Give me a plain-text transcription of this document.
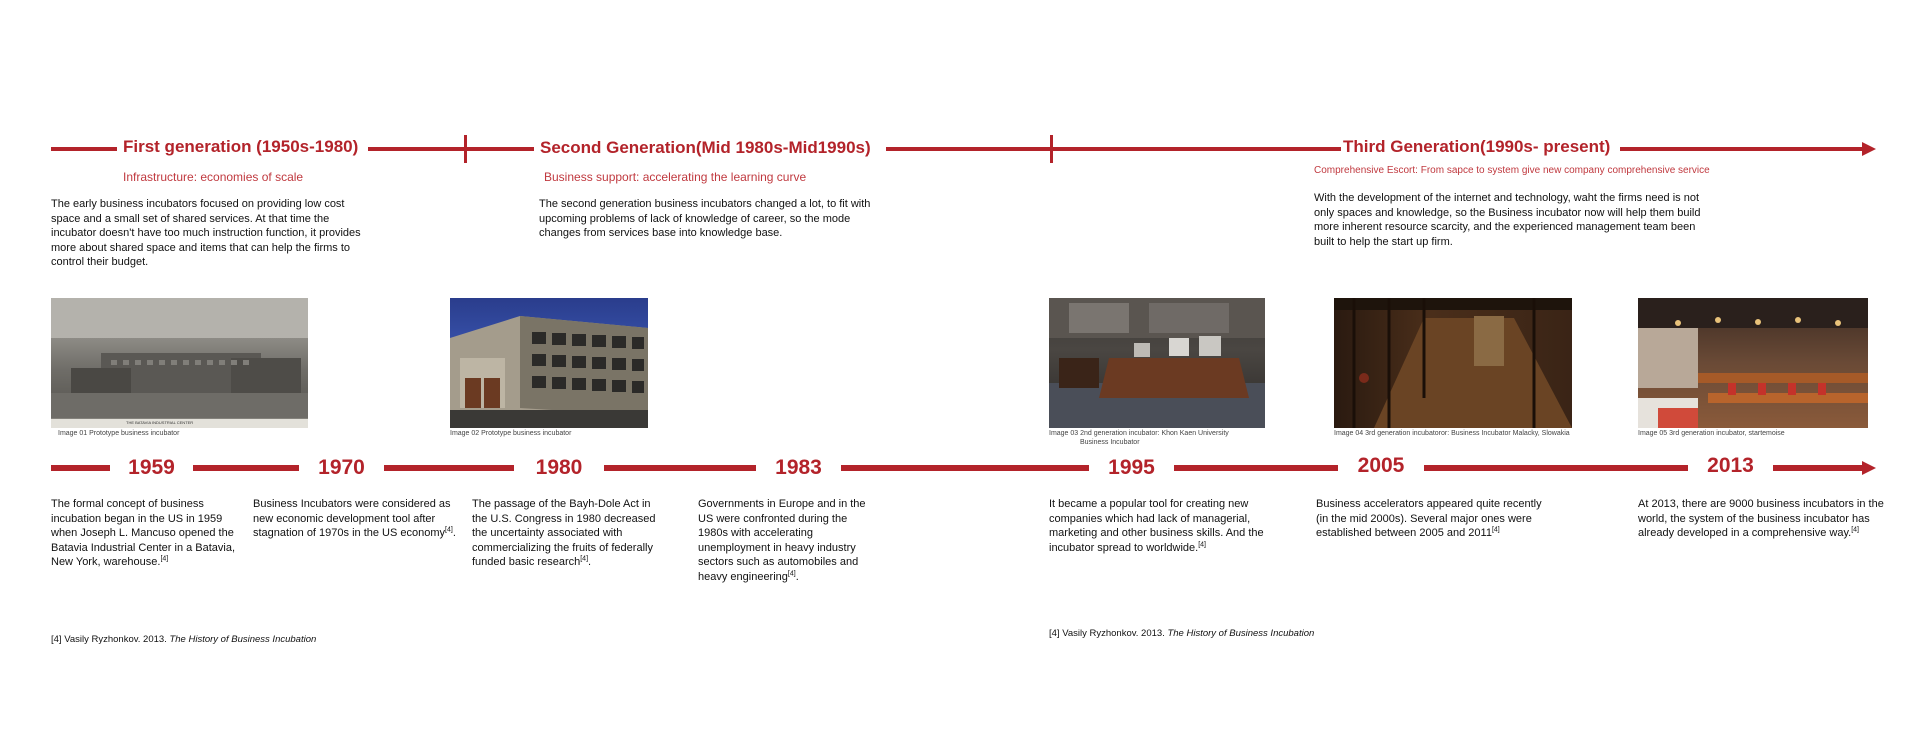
First generation (1950s-1980)	Second Generation(Mid 1980s-Mid1990s)	Third Generation(1990s- present)
Infrastructure: economies of scale	Business support: accelerating the learning curve	Comprehensive Escort: From sapce to system give new company comprehensive service
The early business incubators focused on providing low cost space and a small set of shared services. At that time the incubator doesn't have too much instruction function, it provides more about shared space and items that can help the firms to control their budget.
The second generation business incubators changed a lot, to fit with upcoming problems of lack of knowledge of career, so the mode changes from services base into knowledge base.
With the development of the internet and technology, waht the firms need is not only spaces and knowledge, so the Business incubator now will help them build more inherent resource scarcity, and the experienced management team been built to help the start up firm.
THE BATAVIA INDUSTRIAL CENTER
Image 01 Prototype business incubator	Image 02 Prototype business incubator	Image 03 2nd generation incubator: Khon Kaen University
Business Incubator
Image 04 3rd generation incubatoror: Business Incubator Malacky, Slowakia	Image 05 3rd generation incubator, startemoise
1959	1970	1980	1983	1995	2005	2013
The formal concept of business incubation began in the US in 1959 when Joseph L. Mancuso opened the Batavia Industrial Center in a Batavia, New York, warehouse.[4]
Business Incubators were considered as new economic development tool after stagnation of 1970s in the US economy[4].
The passage of the Bayh-Dole Act in the U.S. Congress in 1980 decreased the uncertainty associated with commercializing the fruits of federally funded basic research[4].
Governments in Europe and in the US were confronted during the 1980s with accelerating unemployment in heavy industry sectors such as automobiles and heavy engineering[4].
It became a popular tool for creating new companies which had lack of managerial, marketing and other business skills. And the incubator spread to worldwide.[4]
Business accelerators appeared quite recently (in the mid 2000s). Several major ones were established between 2005 and 2011[4]
At 2013, there are 9000 business incubators in the world, the system of the business incubator has already developed in a comprehensive way.[4]
[4] Vasily Ryzhonkov. 2013. The History of Business Incubation
[4] Vasily Ryzhonkov. 2013. The History of Business Incubation
